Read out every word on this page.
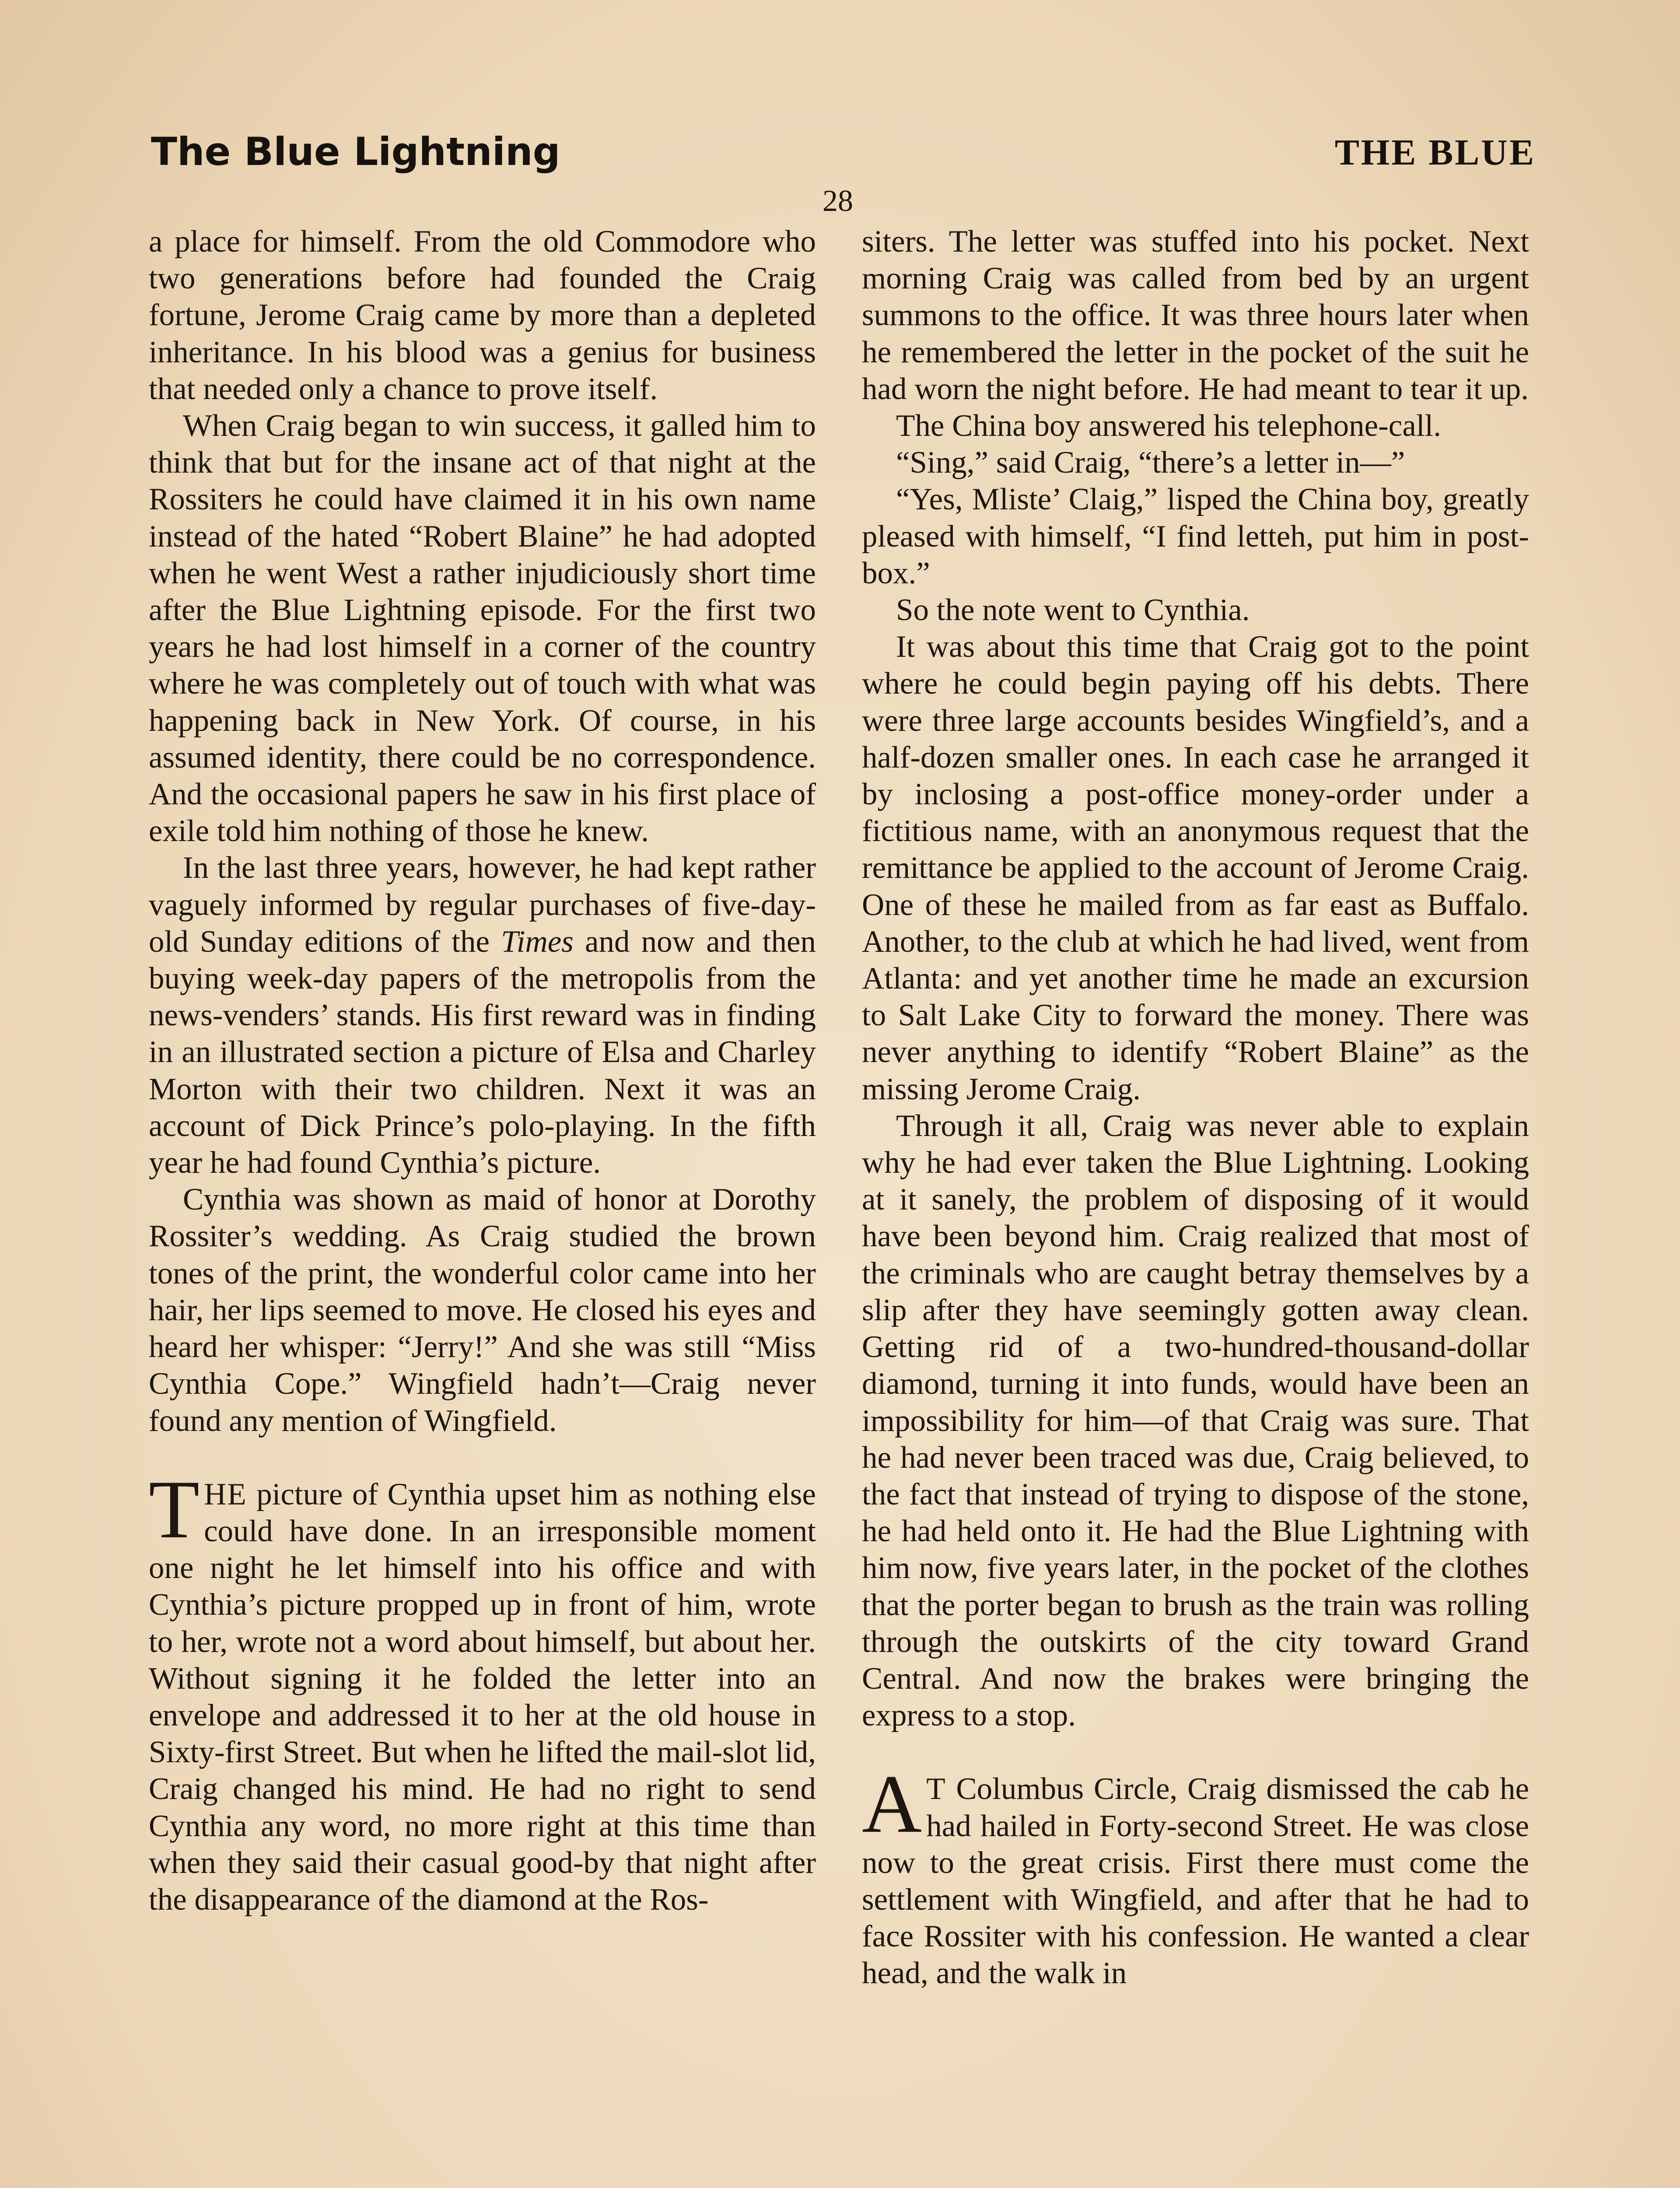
The Blue Lightning	THE BLUE
28

a place for himself. From the old Commodore who two generations before had founded the Craig fortune, Jerome Craig came by more than a depleted inheritance. In his blood was a genius for business that needed only a chance to prove itself.

When Craig began to win success, it galled him to think that but for the insane act of that night at the Rossiters he could have claimed it in his own name instead of the hated “Robert Blaine” he had adopted when he went West a rather injudiciously short time after the Blue Lightning episode. For the first two years he had lost himself in a corner of the country where he was completely out of touch with what was happening back in New York. Of course, in his assumed identity, there could be no correspondence. And the occasional papers he saw in his first place of exile told him nothing of those he knew.

In the last three years, however, he had kept rather vaguely informed by regular purchases of five-day-old Sunday editions of the Times and now and then buying week-day papers of the metropolis from the news-venders’ stands. His first reward was in finding in an illustrated section a picture of Elsa and Charley Morton with their two children. Next it was an account of Dick Prince’s polo-playing. In the fifth year he had found Cynthia’s picture.

Cynthia was shown as maid of honor at Dorothy Rossiter’s wedding. As Craig studied the brown tones of the print, the wonderful color came into her hair, her lips seemed to move. He closed his eyes and heard her whisper: “Jerry!” And she was still “Miss Cynthia Cope.” Wingfield hadn’t—Craig never found any mention of Wingfield.

THE picture of Cynthia upset him as nothing else could have done. In an irresponsible moment one night he let himself into his office and with Cynthia’s picture propped up in front of him, wrote to her, wrote not a word about himself, but about her. Without signing it he folded the letter into an envelope and addressed it to her at the old house in Sixty-first Street. But when he lifted the mail-slot lid, Craig changed his mind. He had no right to send Cynthia any word, no more right at this time than when they said their casual good-by that night after the disappearance of the diamond at the Ros-

siters. The letter was stuffed into his pocket. Next morning Craig was called from bed by an urgent summons to the office. It was three hours later when he remembered the letter in the pocket of the suit he had worn the night before. He had meant to tear it up.

The China boy answered his telephone-call.

“Sing,” said Craig, “there’s a letter in—”

“Yes, Mliste’ Claig,” lisped the China boy, greatly pleased with himself, “I find letteh, put him in post-box.”

So the note went to Cynthia.

It was about this time that Craig got to the point where he could begin paying off his debts. There were three large accounts besides Wingfield’s, and a half-dozen smaller ones. In each case he arranged it by inclosing a post-office money-order under a fictitious name, with an anonymous request that the remittance be applied to the account of Jerome Craig. One of these he mailed from as far east as Buffalo. Another, to the club at which he had lived, went from Atlanta: and yet another time he made an excursion to Salt Lake City to forward the money. There was never anything to identify “Robert Blaine” as the missing Jerome Craig.

Through it all, Craig was never able to explain why he had ever taken the Blue Lightning. Looking at it sanely, the problem of disposing of it would have been beyond him. Craig realized that most of the criminals who are caught betray themselves by a slip after they have seemingly gotten away clean. Getting rid of a two-hundred-thousand-dollar diamond, turning it into funds, would have been an impossibility for him—of that Craig was sure. That he had never been traced was due, Craig believed, to the fact that instead of trying to dispose of the stone, he had held onto it. He had the Blue Lightning with him now, five years later, in the pocket of the clothes that the porter began to brush as the train was rolling through the outskirts of the city toward Grand Central. And now the brakes were bringing the express to a stop.

A T Columbus Circle, Craig dismissed the cab he had hailed in Forty-second Street. He was close now to the great crisis. First there must come the settlement with Wingfield, and after that he had to face Rossiter with his confession. He wanted a clear head, and the walk in
